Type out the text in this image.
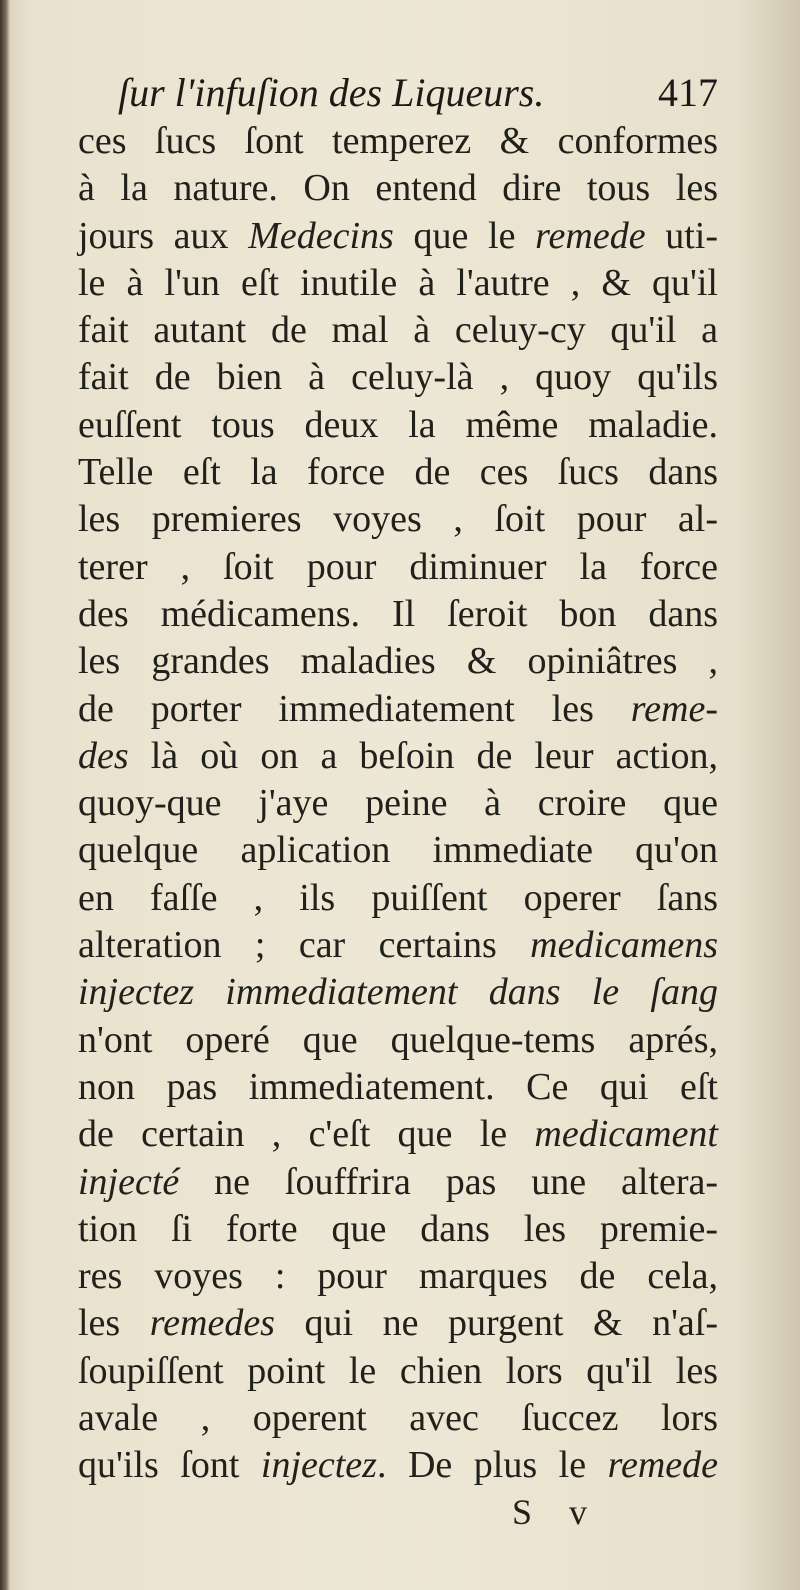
ſur l'infuſion des Liqueurs.	417
ces ſucs ſont temperez & conformes
à la nature. On entend dire tous les
jours aux Medecins que le remede uti-
le à l'un eſt inutile à l'autre , & qu'il
fait autant de mal à celuy-cy qu'il a
fait de bien à celuy-là , quoy qu'ils
euſſent tous deux la même maladie.
Telle eſt la force de ces ſucs dans
les premieres voyes , ſoit pour al-
terer , ſoit pour diminuer la force
des médicamens. Il ſeroit bon dans
les grandes maladies & opiniâtres ,
de porter immediatement les reme-
des là où on a beſoin de leur action,
quoy-que j'aye peine à croire que
quelque aplication immediate qu'on
en faſſe , ils puiſſent operer ſans
alteration ; car certains medicamens
injectez immediatement dans le ſang
n'ont operé que quelque-tems aprés,
non pas immediatement. Ce qui eſt
de certain , c'eſt que le medicament
injecté ne ſouffrira pas une altera-
tion ſi forte que dans les premie-
res voyes : pour marques de cela,
les remedes qui ne purgent & n'aſ-
ſoupiſſent point le chien lors qu'il les
avale , operent avec ſuccez lors
qu'ils ſont injectez. De plus le remede
S v
